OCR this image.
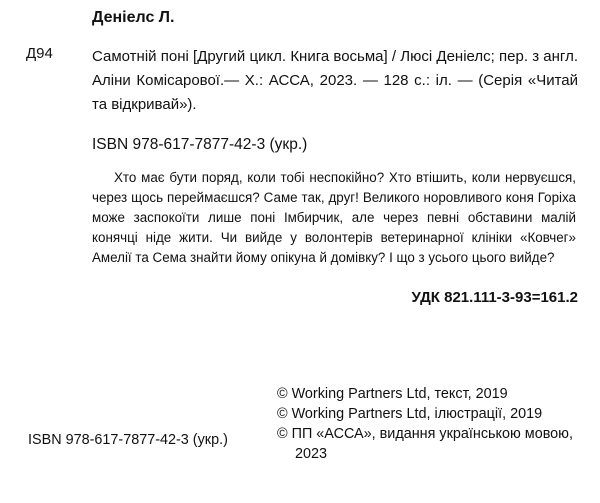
Деніелс Л.
Д94	Самотній поні [Другий цикл. Книга восьма] / Люсі Деніелс; пер. з англ. Аліни Комісарової.— Х.: АССА, 2023. — 128 с.: іл. — (Серія «Читай та відкривай»).
ISBN 978-617-7877-42-3 (укр.)
Хто має бути поряд, коли тобі неспокійно? Хто втішить, коли нервуєшся, через щось переймаєшся? Саме так, друг! Великого норовливого коня Горіха може заспокоїти лише поні Імбирчик, але через певні обставини малій конячці ніде жити. Чи вийде у волонтерів ветеринарної клініки «Ковчег» Амелії та Сема знайти йому опікуна й домівку? І що з усього цього вийде?
УДК 821.111-3-93=161.2
© Working Partners Ltd, текст, 2019
© Working Partners Ltd, ілюстрації, 2019
© ПП «АССА», видання українською мовою, 2023
ISBN 978-617-7877-42-3 (укр.)
